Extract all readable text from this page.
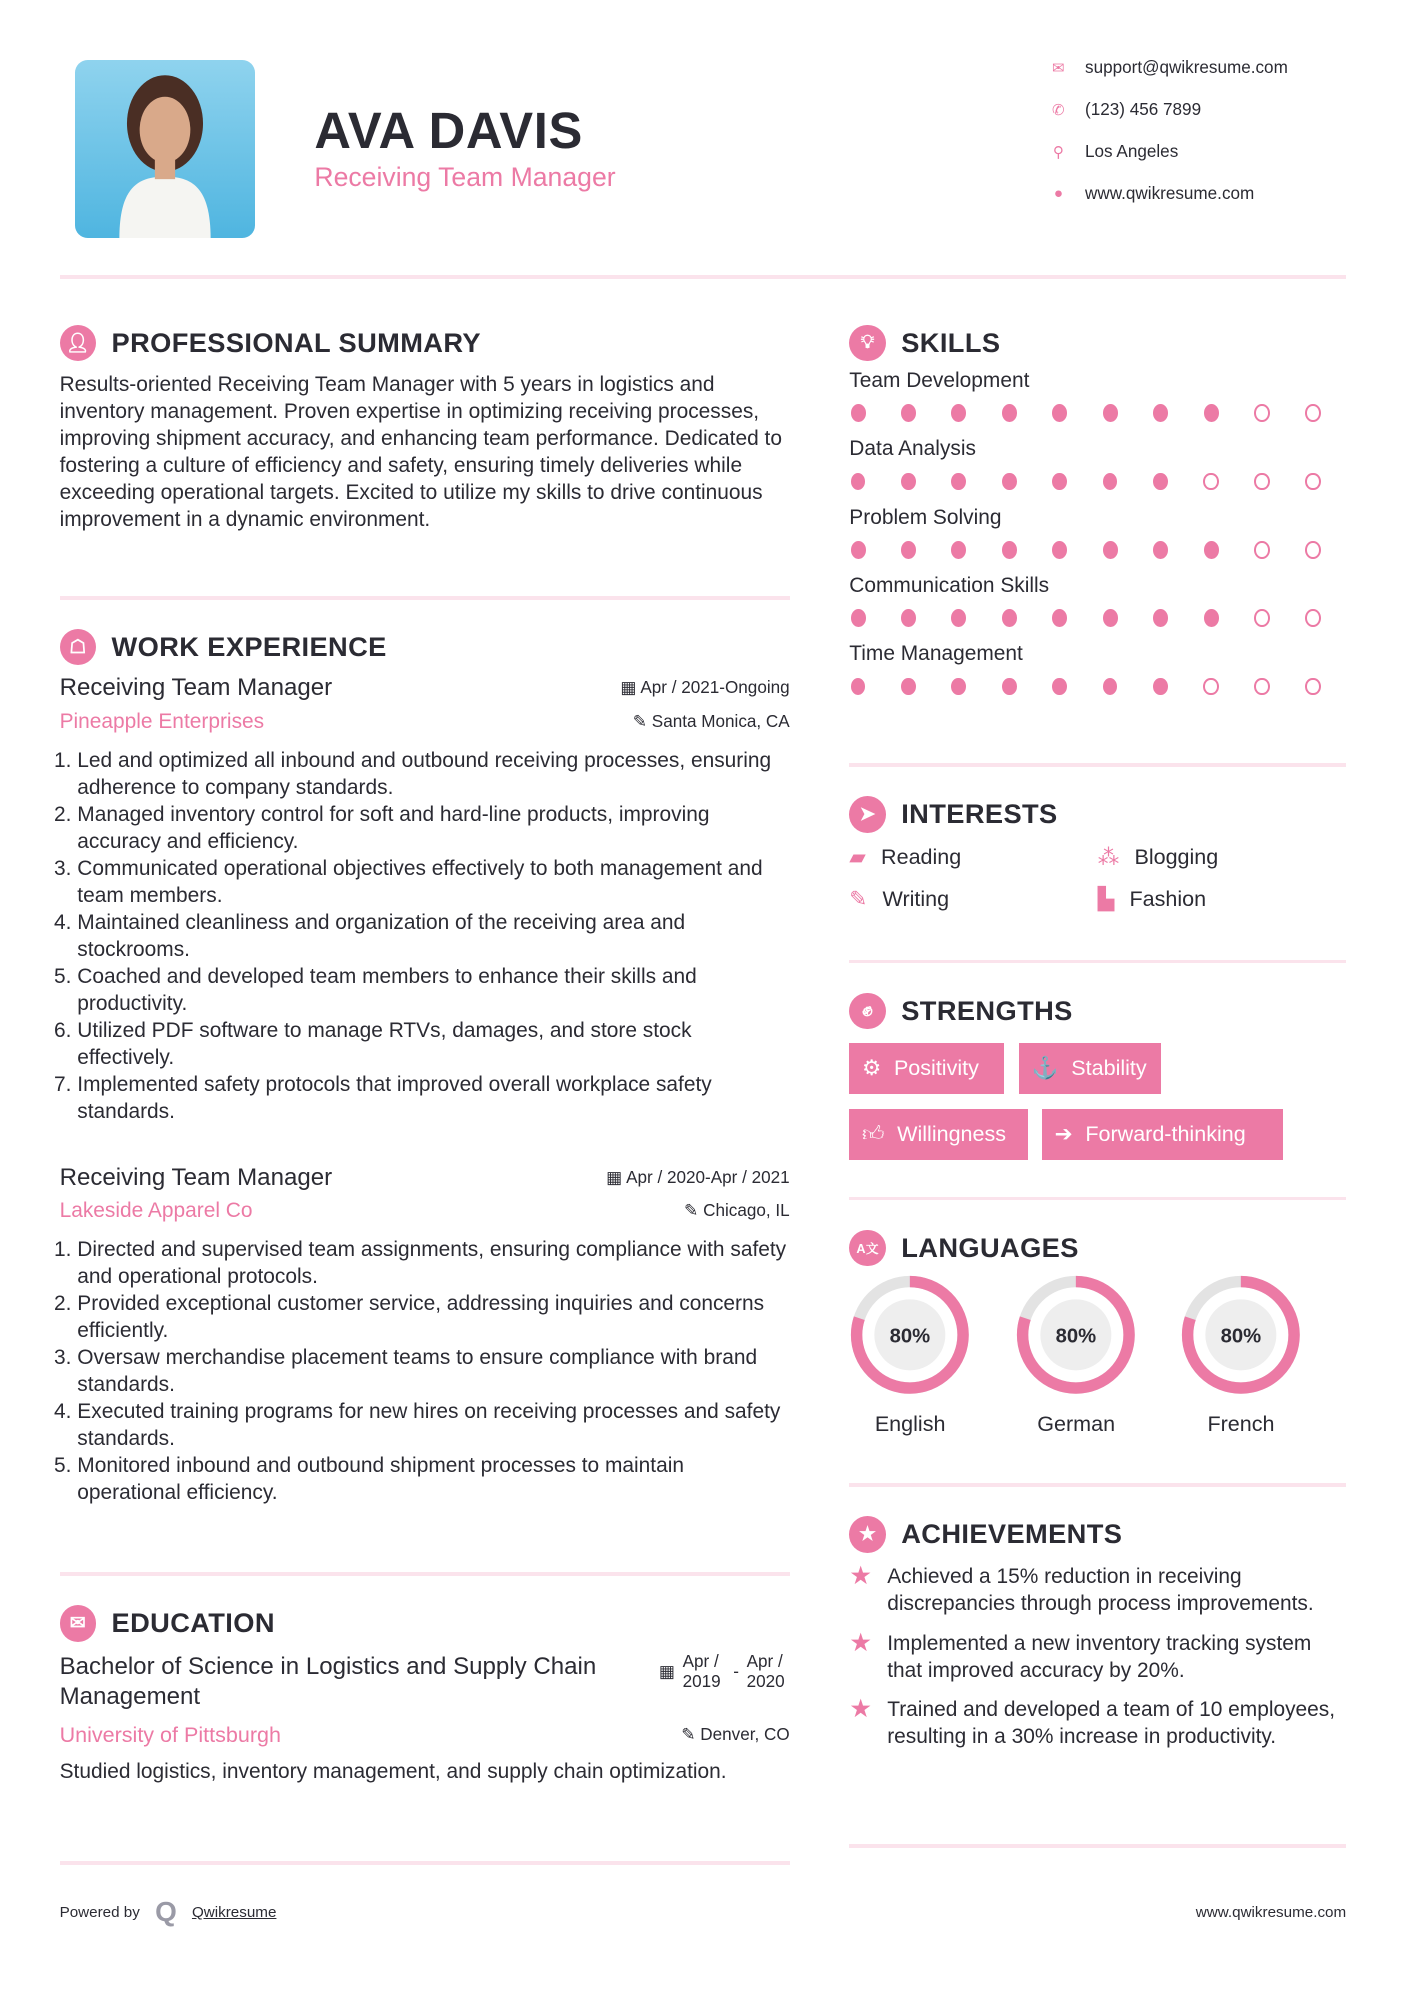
AVA DAVIS
Receiving Team Manager
✉ support@qwikresume.com
✆ (123) 456 7899
⚲ Los Angeles
●	www.qwikresume.com
👤︎ PROFESSIONAL SUMMARY
Results-oriented Receiving Team Manager with 5 years in logistics and inventory management. Proven expertise in optimizing receiving processes, improving shipment accuracy, and enhancing team performance. Dedicated to fostering a culture of efficiency and safety, ensuring timely deliveries while exceeding operational targets. Excited to utilize my skills to drive continuous improvement in a dynamic environment.
☖	WORK EXPERIENCE
Receiving Team Manager	▦ Apr / 2021-Ongoing
Pineapple Enterprises	✎ Santa Monica, CA
1. Led and optimized all inbound and outbound receiving processes, ensuring adherence to company standards.
2. Managed inventory control for soft and hard-line products, improving accuracy and efficiency.
3. Communicated operational objectives effectively to both management and team members.
4. Maintained cleanliness and organization of the receiving area and stockrooms.
5. Coached and developed team members to enhance their skills and productivity.
6. Utilized PDF software to manage RTVs, damages, and store stock effectively.
7. Implemented safety protocols that improved overall workplace safety standards.
Receiving Team Manager	▦ Apr / 2020-Apr / 2021
Lakeside Apparel Co	✎ Chicago, IL
1. Directed and supervised team assignments, ensuring compliance with safety and operational protocols.
2. Provided exceptional customer service, addressing inquiries and concerns efficiently.
3. Oversaw merchandise placement teams to ensure compliance with brand standards.
4. Executed training programs for new hires on receiving processes and safety standards.
5. Monitored inbound and outbound shipment processes to maintain operational efficiency.
✉	EDUCATION
Bachelor of Science in Logistics and Supply Chain Management
▦
Apr / 2019
-
Apr / 2020
University of Pittsburgh	✎ Denver, CO
Studied logistics, inventory management, and supply chain optimization.
💡︎	SKILLS
Team Development
Data Analysis
Problem Solving
Communication Skills
Time Management
➤	INTERESTS
▰ Reading	⁂ Blogging
✎ Writing	▙ Fashion
✊︎	STRENGTHS
⚙ Positivity	⚓ Stability
👍︎ Willingness	➔ Forward-thinking
A文	LANGUAGES
80%
English
80%
German
80%
French
★	ACHIEVEMENTS
★ Achieved a 15% reduction in receiving discrepancies through process improvements.
★ Implemented a new inventory tracking system that improved accuracy by 20%.
★ Trained and developed a team of 10 employees, resulting in a 30% increase in productivity.
Powered by Q Qwikresume	www.qwikresume.com
